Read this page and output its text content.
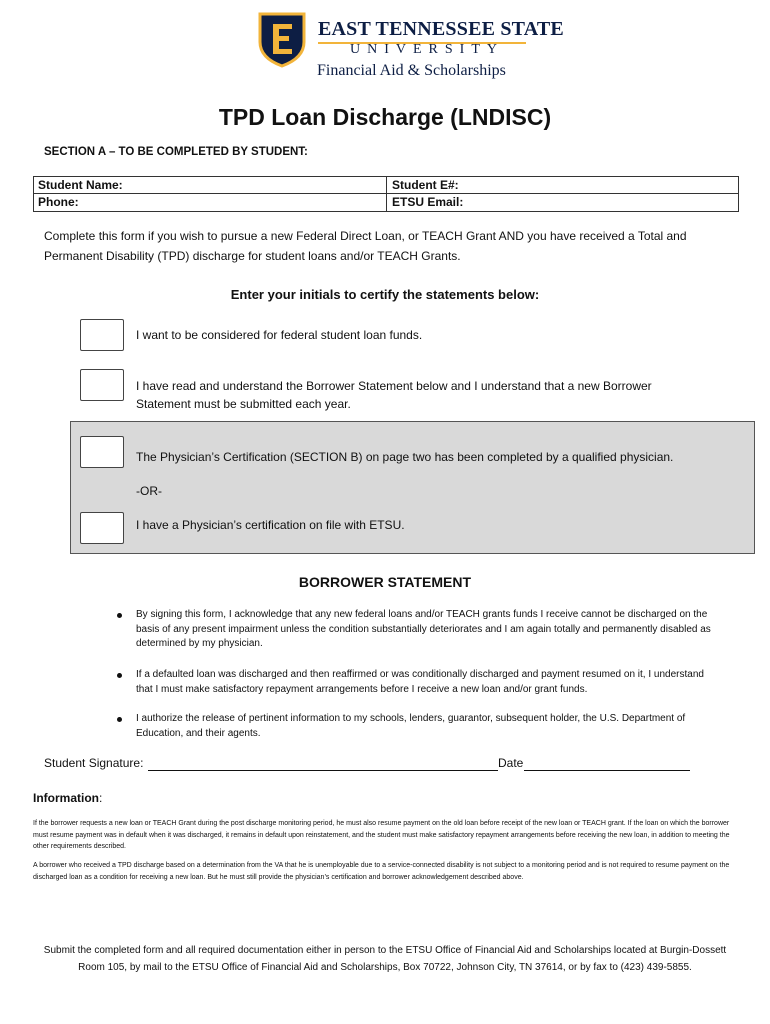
EAST TENNESSEE STATE
UNIVERSITY
Financial Aid & Scholarships
TPD Loan Discharge (LNDISC)
SECTION A – TO BE COMPLETED BY STUDENT:
Student Name:	Student E#:
Phone:	ETSU Email:
Complete this form if you wish to pursue a new Federal Direct Loan, or TEACH Grant AND you have received a Total and Permanent Disability (TPD) discharge for student loans and/or TEACH Grants.
Enter your initials to certify the statements below:
I want to be considered for federal student loan funds.
I have read and understand the Borrower Statement below and I understand that a new Borrower Statement must be submitted each year.
The Physician’s Certification (SECTION B) on page two has been completed by a qualified physician.
-OR-
I have a Physician’s certification on file with ETSU.
BORROWER STATEMENT
By signing this form, I acknowledge that any new federal loans and/or TEACH grants funds I receive cannot be discharged on the basis of any present impairment unless the condition substantially deteriorates and I am again totally and permanently disabled as determined by my physician.
If a defaulted loan was discharged and then reaffirmed or was conditionally discharged and payment resumed on it, I understand that I must make satisfactory repayment arrangements before I receive a new loan and/or grant funds.
I authorize the release of pertinent information to my schools, lenders, guarantor, subsequent holder, the U.S. Department of Education, and their agents.
Student Signature:	Date
Information:
If the borrower requests a new loan or TEACH Grant during the post discharge monitoring period, he must also resume payment on the old loan before receipt of the new loan or TEACH grant. If the loan on which the borrower must resume payment was in default when it was discharged, it remains in default upon reinstatement, and the student must make satisfactory repayment arrangements before receiving the new loan, in addition to meeting the other requirements described.
A borrower who received a TPD discharge based on a determination from the VA that he is unemployable due to a service-connected disability is not subject to a monitoring period and is not required to resume payment on the discharged loan as a condition for receiving a new loan. But he must still provide the physician’s certification and borrower acknowledgement described above.
Submit the completed form and all required documentation either in person to the ETSU Office of Financial Aid and Scholarships located at Burgin-Dossett Room 105, by mail to the ETSU Office of Financial Aid and Scholarships, Box 70722, Johnson City, TN 37614, or by fax to (423) 439-5855.
